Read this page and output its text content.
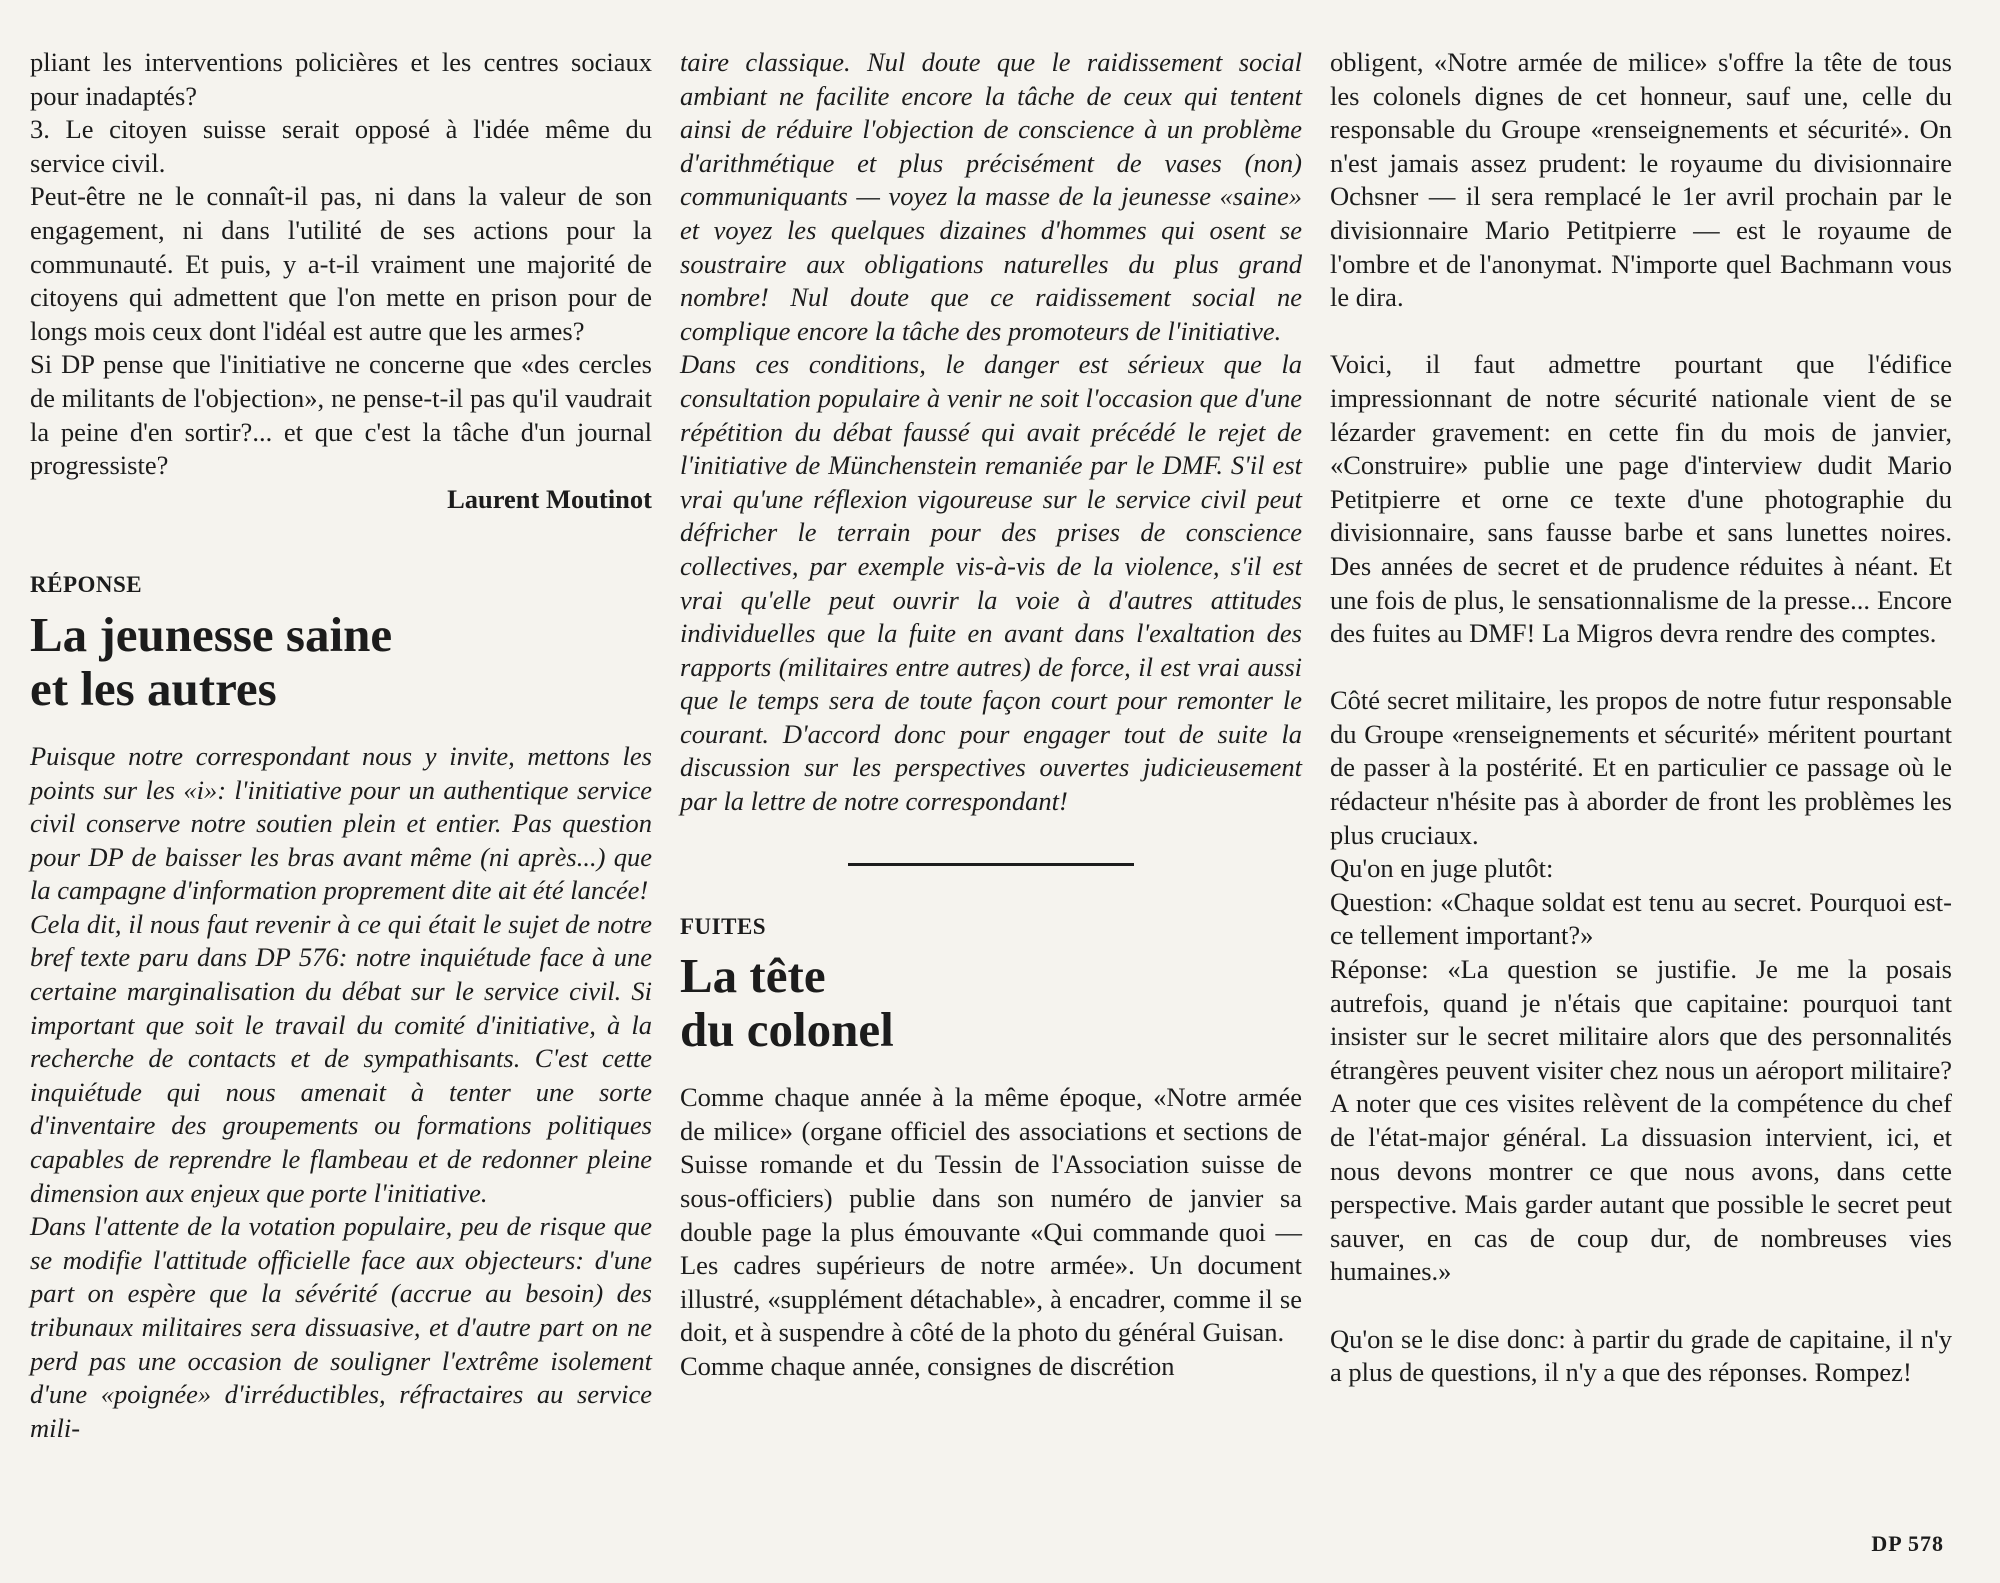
pliant les interventions policières et les centres sociaux pour inadaptés?

3. Le citoyen suisse serait opposé à l'idée même du service civil.

Peut-être ne le connaît-il pas, ni dans la valeur de son engagement, ni dans l'utilité de ses actions pour la communauté. Et puis, y a-t-il vraiment une majorité de citoyens qui admettent que l'on mette en prison pour de longs mois ceux dont l'idéal est autre que les armes?

Si DP pense que l'initiative ne concerne que «des cercles de militants de l'objection», ne pense-t-il pas qu'il vaudrait la peine d'en sortir?... et que c'est la tâche d'un journal progressiste?

Laurent Moutinot

RÉPONSE
La jeunesse saine
et les autres

Puisque notre correspondant nous y invite, mettons les points sur les «i»: l'initiative pour un authentique service civil conserve notre soutien plein et entier. Pas question pour DP de baisser les bras avant même (ni après...) que la campagne d'information proprement dite ait été lancée!

Cela dit, il nous faut revenir à ce qui était le sujet de notre bref texte paru dans DP 576: notre inquiétude face à une certaine marginalisation du débat sur le service civil. Si important que soit le travail du comité d'initiative, à la recherche de contacts et de sympathisants. C'est cette inquiétude qui nous amenait à tenter une sorte d'inventaire des groupements ou formations politiques capables de reprendre le flambeau et de redonner pleine dimension aux enjeux que porte l'initiative.

Dans l'attente de la votation populaire, peu de risque que se modifie l'attitude officielle face aux objecteurs: d'une part on espère que la sévérité (accrue au besoin) des tribunaux militaires sera dissuasive, et d'autre part on ne perd pas une occasion de souligner l'extrême isolement d'une «poignée» d'irréductibles, réfractaires au service mili-

taire classique. Nul doute que le raidissement social ambiant ne facilite encore la tâche de ceux qui tentent ainsi de réduire l'objection de conscience à un problème d'arithmétique et plus précisément de vases (non) communiquants — voyez la masse de la jeunesse «saine» et voyez les quelques dizaines d'hommes qui osent se soustraire aux obligations naturelles du plus grand nombre! Nul doute que ce raidissement social ne complique encore la tâche des promoteurs de l'initiative.

Dans ces conditions, le danger est sérieux que la consultation populaire à venir ne soit l'occasion que d'une répétition du débat faussé qui avait précédé le rejet de l'initiative de Münchenstein remaniée par le DMF. S'il est vrai qu'une réflexion vigoureuse sur le service civil peut défricher le terrain pour des prises de conscience collectives, par exemple vis-à-vis de la violence, s'il est vrai qu'elle peut ouvrir la voie à d'autres attitudes individuelles que la fuite en avant dans l'exaltation des rapports (militaires entre autres) de force, il est vrai aussi que le temps sera de toute façon court pour remonter le courant. D'accord donc pour engager tout de suite la discussion sur les perspectives ouvertes judicieusement par la lettre de notre correspondant!

FUITES
La tête
du colonel

Comme chaque année à la même époque, «Notre armée de milice» (organe officiel des associations et sections de Suisse romande et du Tessin de l'Association suisse de sous-officiers) publie dans son numéro de janvier sa double page la plus émouvante «Qui commande quoi — Les cadres supérieurs de notre armée». Un document illustré, «supplément détachable», à encadrer, comme il se doit, et à suspendre à côté de la photo du général Guisan.

Comme chaque année, consignes de discrétion

obligent, «Notre armée de milice» s'offre la tête de tous les colonels dignes de cet honneur, sauf une, celle du responsable du Groupe «renseignements et sécurité». On n'est jamais assez prudent: le royaume du divisionnaire Ochsner — il sera remplacé le 1er avril prochain par le divisionnaire Mario Petitpierre — est le royaume de l'ombre et de l'anonymat. N'importe quel Bachmann vous le dira.

Voici, il faut admettre pourtant que l'édifice impressionnant de notre sécurité nationale vient de se lézarder gravement: en cette fin du mois de janvier, «Construire» publie une page d'interview dudit Mario Petitpierre et orne ce texte d'une photographie du divisionnaire, sans fausse barbe et sans lunettes noires. Des années de secret et de prudence réduites à néant. Et une fois de plus, le sensationnalisme de la presse... Encore des fuites au DMF! La Migros devra rendre des comptes.

Côté secret militaire, les propos de notre futur responsable du Groupe «renseignements et sécurité» méritent pourtant de passer à la postérité. Et en particulier ce passage où le rédacteur n'hésite pas à aborder de front les problèmes les plus cruciaux.

Qu'on en juge plutôt:

Question: «Chaque soldat est tenu au secret. Pourquoi est-ce tellement important?»

Réponse: «La question se justifie. Je me la posais autrefois, quand je n'étais que capitaine: pourquoi tant insister sur le secret militaire alors que des personnalités étrangères peuvent visiter chez nous un aéroport militaire? A noter que ces visites relèvent de la compétence du chef de l'état-major général. La dissuasion intervient, ici, et nous devons montrer ce que nous avons, dans cette perspective. Mais garder autant que possible le secret peut sauver, en cas de coup dur, de nombreuses vies humaines.»

Qu'on se le dise donc: à partir du grade de capitaine, il n'y a plus de questions, il n'y a que des réponses. Rompez!

DP 578
